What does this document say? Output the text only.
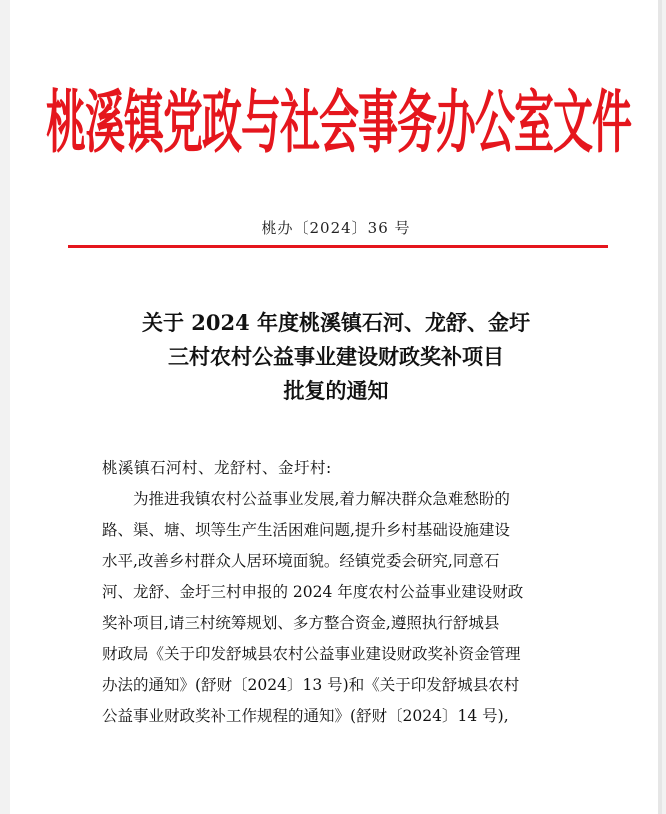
桃溪镇党政与社会事务办公室文件
桃办〔2024〕36 号
关于 2024 年度桃溪镇石河、龙舒、金圩
三村农村公益事业建设财政奖补项目
批复的通知
桃溪镇石河村、龙舒村、金圩村:
为推进我镇农村公益事业发展,着力解决群众急难愁盼的
路、渠、塘、坝等生产生活困难问题,提升乡村基础设施建设
水平,改善乡村群众人居环境面貌。经镇党委会研究,同意石
河、龙舒、金圩三村申报的 2024 年度农村公益事业建设财政
奖补项目,请三村统筹规划、多方整合资金,遵照执行舒城县
财政局《关于印发舒城县农村公益事业建设财政奖补资金管理
办法的通知》(舒财〔2024〕13 号)和《关于印发舒城县农村
公益事业财政奖补工作规程的通知》(舒财〔2024〕14 号),
